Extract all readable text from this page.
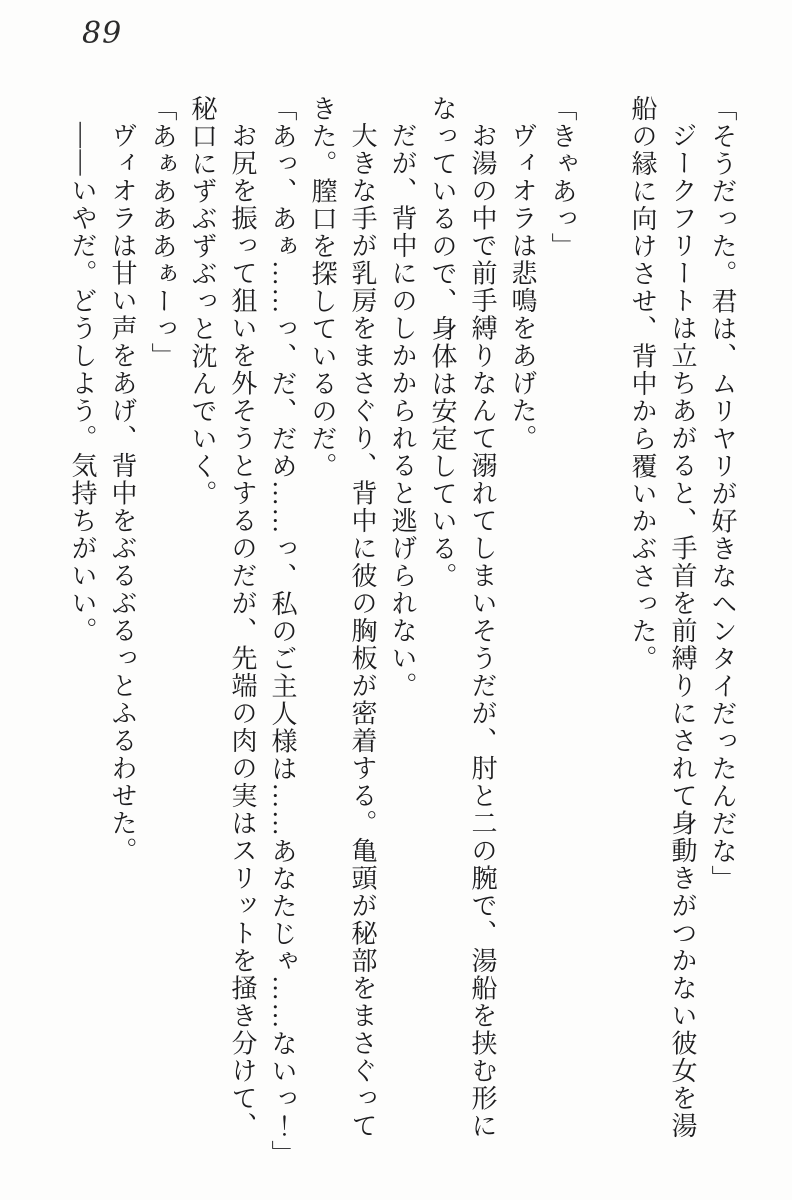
89

「そうだった。君は、ムリヤリが好きなヘンタイだったんだな」

ジークフリートは立ちあがると、手首を前縛りにされて身動きがつかない彼女を湯

船の縁に向けさせ、背中から覆いかぶさった。

「きゃあっ」

ヴィオラは悲鳴をあげた。

お湯の中で前手縛りなんて溺れてしまいそうだが、肘と二の腕で、湯船を挟む形に

なっているので、身体は安定している。

だが、背中にのしかかられると逃げられない。

大きな手が乳房をまさぐり、背中に彼の胸板が密着する。亀頭が秘部をまさぐって

きた。膣口を探しているのだ。

「あっ、あぁ……っ、だ、だめ……っ、私のご主人様は……あなたじゃ……ないっ！」

お尻を振って狙いを外そうとするのだが、先端の肉の実はスリットを掻き分けて、

秘口にずぶずぶっと沈んでいく。

「あぁあああぁーっ」

ヴィオラは甘い声をあげ、背中をぶるぶるっとふるわせた。

――いやだ。どうしよう。気持ちがいい。
